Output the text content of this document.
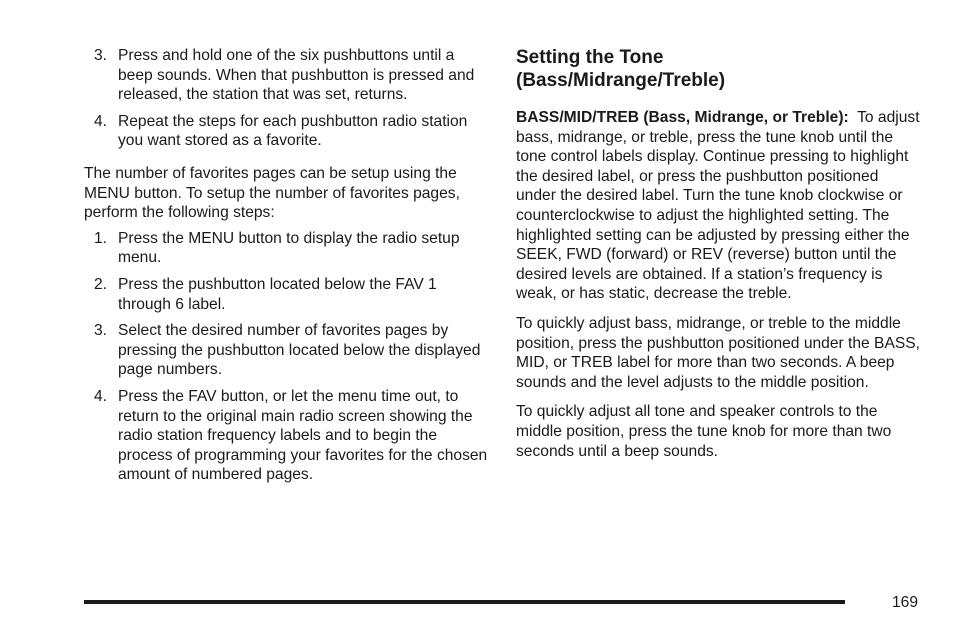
3. Press and hold one of the six pushbuttons until a beep sounds. When that pushbutton is pressed and released, the station that was set, returns.
4. Repeat the steps for each pushbutton radio station you want stored as a favorite.

The number of favorites pages can be setup using the MENU button. To setup the number of favorites pages, perform the following steps:

1. Press the MENU button to display the radio setup menu.
2. Press the pushbutton located below the FAV 1 through 6 label.
3. Select the desired number of favorites pages by pressing the pushbutton located below the displayed page numbers.
4. Press the FAV button, or let the menu time out, to return to the original main radio screen showing the radio station frequency labels and to begin the process of programming your favorites for the chosen amount of numbered pages.
Setting the Tone (Bass/Midrange/Treble)

BASS/MID/TREB (Bass, Midrange, or Treble): To adjust bass, midrange, or treble, press the tune knob until the tone control labels display. Continue pressing to highlight the desired label, or press the pushbutton positioned under the desired label. Turn the tune knob clockwise or counterclockwise to adjust the highlighted setting. The highlighted setting can be adjusted by pressing either the SEEK, FWD (forward) or REV (reverse) button until the desired levels are obtained. If a station’s frequency is weak, or has static, decrease the treble.

To quickly adjust bass, midrange, or treble to the middle position, press the pushbutton positioned under the BASS, MID, or TREB label for more than two seconds. A beep sounds and the level adjusts to the middle position.

To quickly adjust all tone and speaker controls to the middle position, press the tune knob for more than two seconds until a beep sounds.

169
